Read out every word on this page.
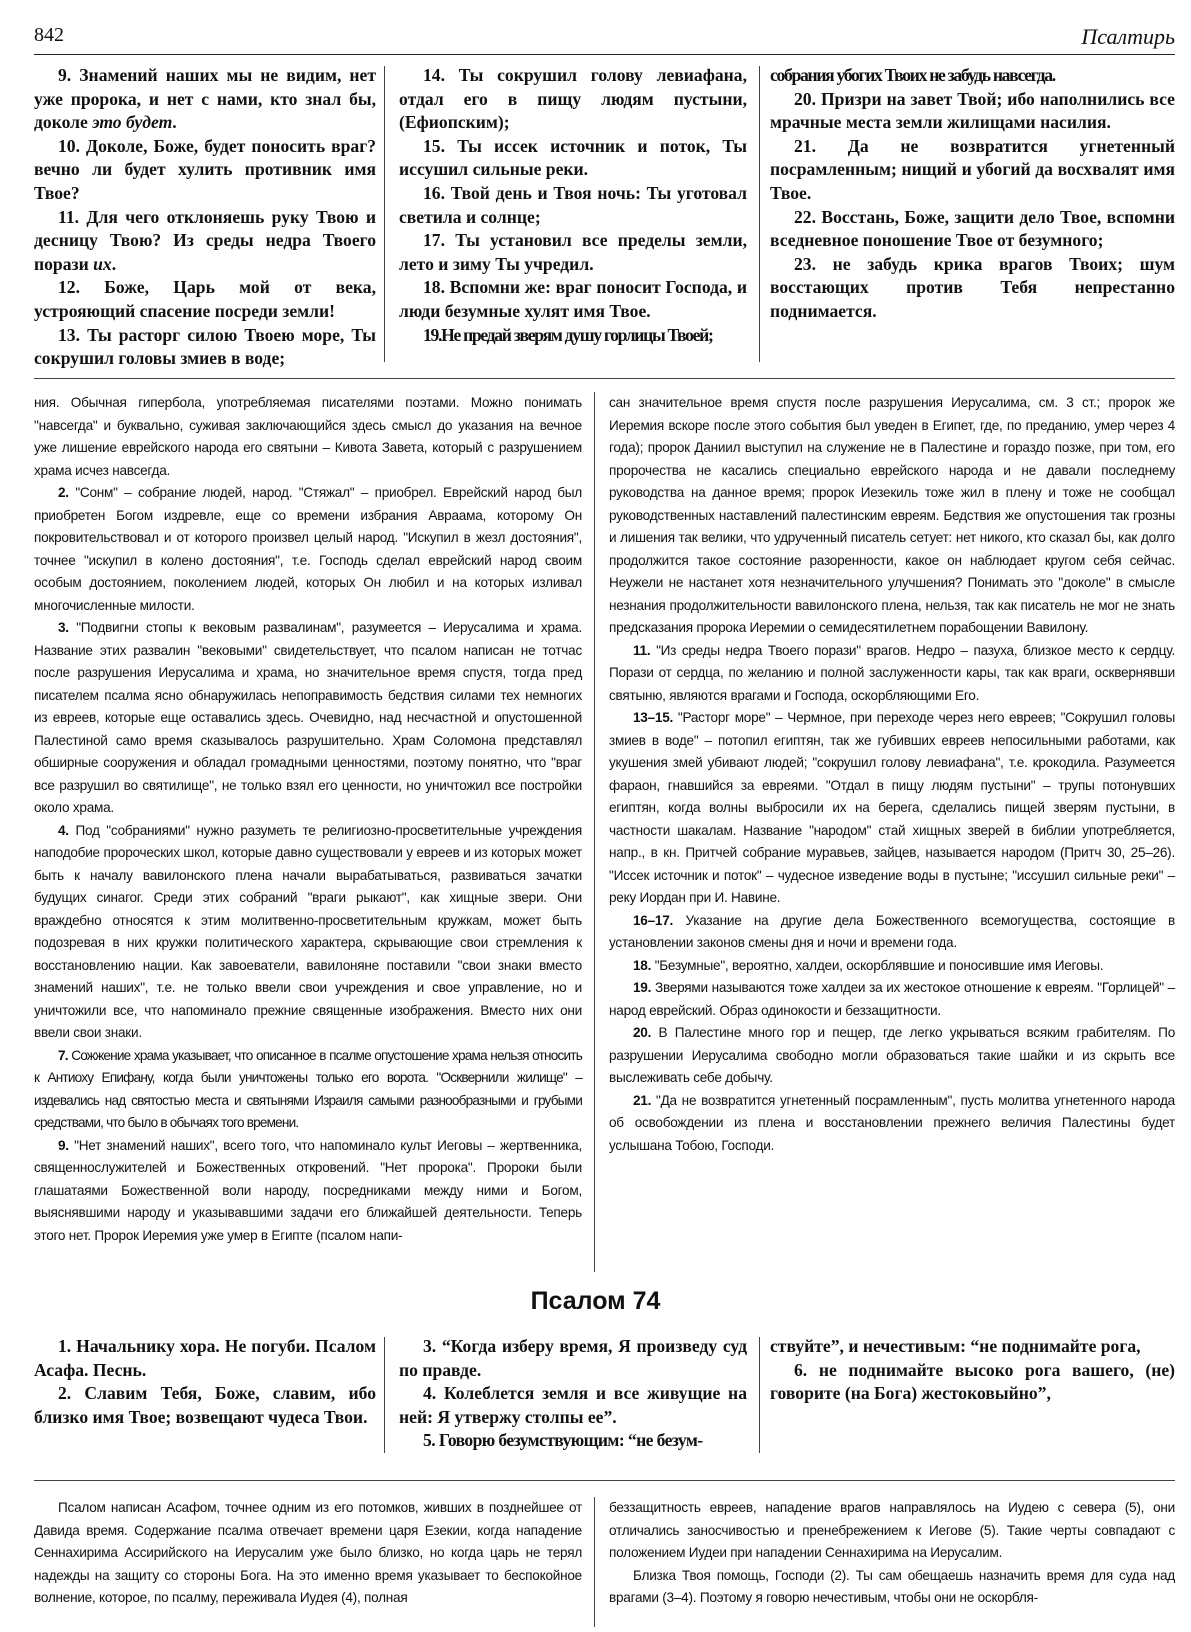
842	Псалтирь

9. Знамений наших мы не видим, нет уже пророка, и нет с нами, кто знал бы, доколе это будет.

10. Доколе, Боже, будет поносить враг? вечно ли будет хулить противник имя Твое?

11. Для чего отклоняешь руку Твою и десницу Твою? Из среды недра Твоего порази их.

12. Боже, Царь мой от века, устрояющий спасение посреди земли!

13. Ты расторг силою Твоею море, Ты сокрушил головы змиев в воде;

14. Ты сокрушил голову левиафана, отдал его в пищу людям пустыни, (Ефиопским);

15. Ты иссек источник и поток, Ты иссушил сильные реки.

16. Твой день и Твоя ночь: Ты уготовал светила и солнце;

17. Ты установил все пределы земли, лето и зиму Ты учредил.

18. Вспомни же: враг поносит Господа, и люди безумные хулят имя Твое.

19.Не предай зверям душу горлицы Твоей;

собрания убогих Твоих не забудь навсегда.

20. Призри на завет Твой; ибо наполнились все мрачные места земли жилищами насилия.

21. Да не возвратится угнетенный посрамленным; нищий и убогий да восхвалят имя Твое.

22. Восстань, Боже, защити дело Твое, вспомни вседневное поношение Твое от безумного;

23. не забудь крика врагов Твоих; шум восстающих против Тебя непрестанно поднимается.

ния. Обычная гипербола, употребляемая писателями поэтами. Можно понимать "навсегда" и буквально, суживая заключающийся здесь смысл до указания на вечное уже лишение еврейского народа его святыни – Кивота Завета, который с разрушением храма исчез навсегда.

2. "Сонм" – собрание людей, народ. "Стяжал" – приобрел. Еврейский народ был приобретен Богом издревле, еще со времени избрания Авраама, которому Он покровительствовал и от которого произвел целый народ. "Искупил в жезл достояния", точнее "искупил в колено достояния", т.е. Господь сделал еврейский народ своим особым достоянием, поколением людей, которых Он любил и на которых изливал многочисленные милости.

3. "Подвигни стопы к вековым развалинам", разумеется – Иерусалима и храма. Название этих развалин "вековыми" свидетельствует, что псалом написан не тотчас после разрушения Иерусалима и храма, но значительное время спустя, тогда пред писателем псалма ясно обнаружилась непоправимость бедствия силами тех немногих из евреев, которые еще оставались здесь. Очевидно, над несчастной и опустошенной Палестиной само время сказывалось разрушительно. Храм Соломона представлял обширные сооружения и обладал громадными ценностями, поэтому понятно, что "враг все разрушил во святилище", не только взял его ценности, но уничтожил все постройки около храма.

4. Под "собраниями" нужно разуметь те религиозно-просветительные учреждения наподобие пророческих школ, которые давно существовали у евреев и из которых может быть к началу вавилонского плена начали вырабатываться, развиваться зачатки будущих синагог. Среди этих собраний "враги рыкают", как хищные звери. Они враждебно относятся к этим молитвенно-просветительным кружкам, может быть подозревая в них кружки политического характера, скрывающие свои стремления к восстановлению нации. Как завоеватели, вавилоняне поставили "свои знаки вместо знамений наших", т.е. не только ввели свои учреждения и свое управление, но и уничтожили все, что напоминало прежние священные изображения. Вместо них они ввели свои знаки.

7. Сожжение храма указывает, что описанное в псалме опустошение храма нельзя относить к Антиоху Епифану, когда были уничтожены только его ворота. "Осквернили жилище" – издевались над святостью места и святынями Израиля самыми разнообразными и грубыми средствами, что было в обычаях того времени.

9. "Нет знамений наших", всего того, что напоминало культ Иеговы – жертвенника, священнослужителей и Божественных откровений. "Нет пророка". Пророки были глашатаями Божественной воли народу, посредниками между ними и Богом, выяснявшими народу и указывавшими задачи его ближайшей деятельности. Теперь этого нет. Пророк Иеремия уже умер в Египте (псалом напи-

сан значительное время спустя после разрушения Иерусалима, см. 3 ст.; пророк же Иеремия вскоре после этого события был уведен в Египет, где, по преданию, умер через 4 года); пророк Даниил выступил на служение не в Палестине и гораздо позже, при том, его пророчества не касались специально еврейского народа и не давали последнему руководства на данное время; пророк Иезекиль тоже жил в плену и тоже не сообщал руководственных наставлений палестинским евреям. Бедствия же опустошения так грозны и лишения так велики, что удрученный писатель сетует: нет никого, кто сказал бы, как долго продолжится такое состояние разоренности, какое он наблюдает кругом себя сейчас. Неужели не настанет хотя незначительного улучшения? Понимать это "доколе" в смысле незнания продолжительности вавилонского плена, нельзя, так как писатель не мог не знать предсказания пророка Иеремии о семидесятилетнем порабощении Вавилону.

11. "Из среды недра Твоего порази" врагов. Недро – пазуха, близкое место к сердцу. Порази от сердца, по желанию и полной заслуженности кары, так как враги, осквернявши святыню, являются врагами и Господа, оскорбляющими Его.

13–15. "Расторг море" – Чермное, при переходе через него евреев; "Сокрушил головы змиев в воде" – потопил египтян, так же губивших евреев непосильными работами, как укушения змей убивают людей; "сокрушил голову левиафана", т.е. крокодила. Разумеется фараон, гнавшийся за евреями. "Отдал в пищу людям пустыни" – трупы потонувших египтян, когда волны выбросили их на берега, сделались пищей зверям пустыни, в частности шакалам. Название "народом" стай хищных зверей в библии употребляется, напр., в кн. Притчей собрание муравьев, зайцев, называется народом (Притч 30, 25–26). "Иссек источник и поток" – чудесное изведение воды в пустыне; "иссушил сильные реки" – реку Иордан при И. Навине.

16–17. Указание на другие дела Божественного всемогущества, состоящие в установлении законов смены дня и ночи и времени года.

18. "Безумные", вероятно, халдеи, оскорблявшие и поносившие имя Иеговы.

19. Зверями называются тоже халдеи за их жестокое отношение к евреям. "Горлицей" – народ еврейский. Образ одинокости и беззащитности.

20. В Палестине много гор и пещер, где легко укрываться всяким грабителям. По разрушении Иерусалима свободно могли образоваться такие шайки и из скрыть все выслеживать себе добычу.

21. "Да не возвратится угнетенный посрамленным", пусть молитва угнетенного народа об освобождении из плена и восстановлении прежнего величия Палестины будет услышана Тобою, Господи.

Псалом 74

1. Начальнику хора. Не погуби. Псалом Асафа. Песнь.

2. Славим Тебя, Боже, славим, ибо близко имя Твое; возвещают чудеса Твои.

3. “Когда изберу время, Я произведу суд по правде.

4. Колеблется земля и все живущие на ней: Я утвержу столпы ее”.

5. Говорю безумствующим: “не безум-

ствуйте”, и нечестивым: “не поднимайте рога,

6. не поднимайте высоко рога вашего, (не) говорите (на Бога) жестоковыйно”,

Псалом написан Асафом, точнее одним из его потомков, живших в позднейшее от Давида время. Содержание псалма отвечает времени царя Езекии, когда нападение Сеннахирима Ассирийского на Иерусалим уже было близко, но когда царь не терял надежды на защиту со стороны Бога. На это именно время указывает то беспокойное волнение, которое, по псалму, переживала Иудея (4), полная

беззащитность евреев, нападение врагов направлялось на Иудею с севера (5), они отличались заносчивостью и пренебрежением к Иегове (5). Такие черты совпадают с положением Иудеи при нападении Сеннахирима на Иерусалим.

Близка Твоя помощь, Господи (2). Ты сам обещаешь назначить время для суда над врагами (3–4). Поэтому я говорю нечестивым, чтобы они не оскорбля-
